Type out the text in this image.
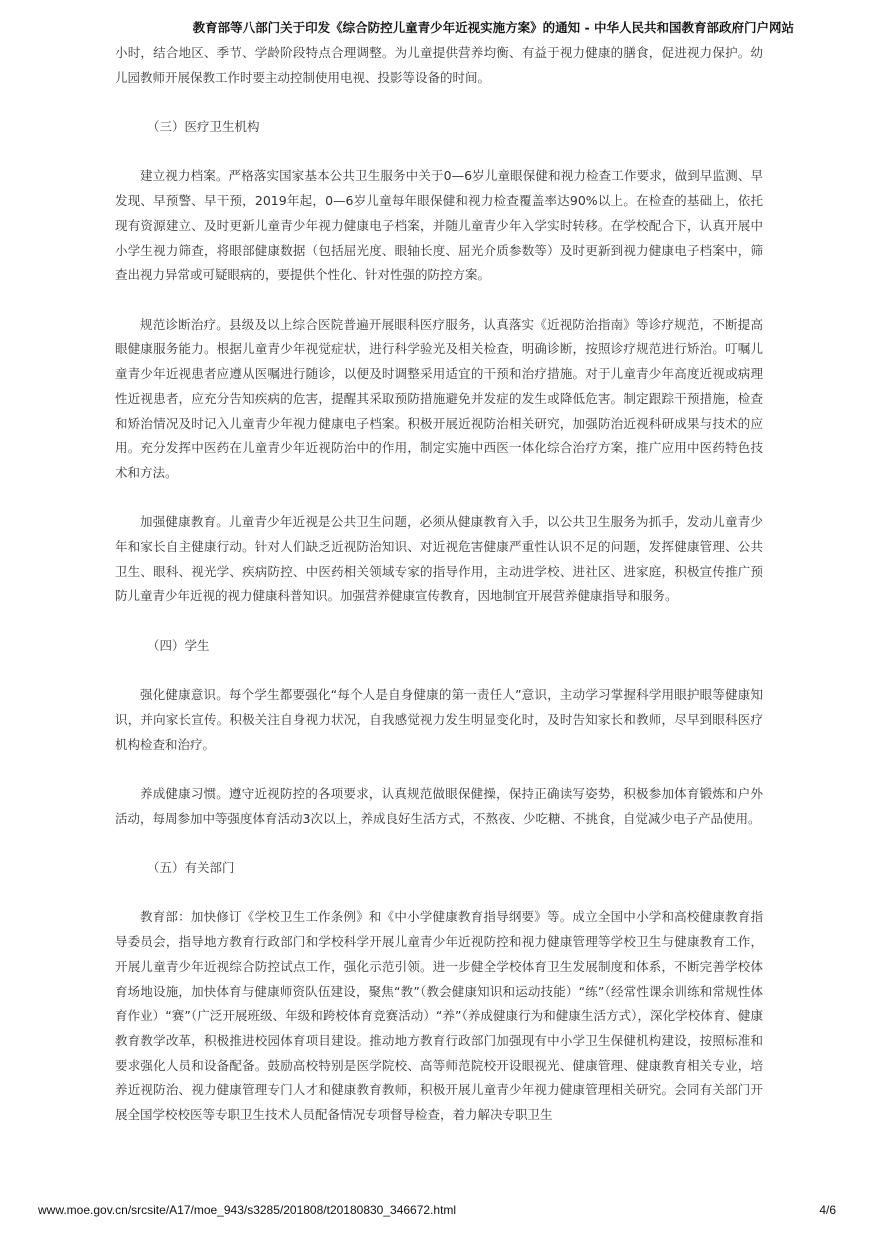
教育部等八部门关于印发《综合防控儿童青少年近视实施方案》的通知 - 中华人民共和国教育部政府门户网站

小时，结合地区、季节、学龄阶段特点合理调整。为儿童提供营养均衡、有益于视力健康的膳食，促进视力保护。幼儿园教师开展保教工作时要主动控制使用电视、投影等设备的时间。

（三）医疗卫生机构

建立视力档案。严格落实国家基本公共卫生服务中关于0—6岁儿童眼保健和视力检查工作要求，做到早监测、早发现、早预警、早干预，2019年起，0—6岁儿童每年眼保健和视力检查覆盖率达90%以上。在检查的基础上，依托现有资源建立、及时更新儿童青少年视力健康电子档案，并随儿童青少年入学实时转移。在学校配合下，认真开展中小学生视力筛查，将眼部健康数据（包括屈光度、眼轴长度、屈光介质参数等）及时更新到视力健康电子档案中，筛查出视力异常或可疑眼病的，要提供个性化、针对性强的防控方案。

规范诊断治疗。县级及以上综合医院普遍开展眼科医疗服务，认真落实《近视防治指南》等诊疗规范，不断提高眼健康服务能力。根据儿童青少年视觉症状，进行科学验光及相关检查，明确诊断，按照诊疗规范进行矫治。叮嘱儿童青少年近视患者应遵从医嘱进行随诊，以便及时调整采用适宜的干预和治疗措施。对于儿童青少年高度近视或病理性近视患者，应充分告知疾病的危害，提醒其采取预防措施避免并发症的发生或降低危害。制定跟踪干预措施，检查和矫治情况及时记入儿童青少年视力健康电子档案。积极开展近视防治相关研究，加强防治近视科研成果与技术的应用。充分发挥中医药在儿童青少年近视防治中的作用，制定实施中西医一体化综合治疗方案，推广应用中医药特色技术和方法。

加强健康教育。儿童青少年近视是公共卫生问题，必须从健康教育入手，以公共卫生服务为抓手，发动儿童青少年和家长自主健康行动。针对人们缺乏近视防治知识、对近视危害健康严重性认识不足的问题，发挥健康管理、公共卫生、眼科、视光学、疾病防控、中医药相关领域专家的指导作用，主动进学校、进社区、进家庭，积极宣传推广预防儿童青少年近视的视力健康科普知识。加强营养健康宣传教育，因地制宜开展营养健康指导和服务。

（四）学生

强化健康意识。每个学生都要强化“每个人是自身健康的第一责任人”意识，主动学习掌握科学用眼护眼等健康知识，并向家长宣传。积极关注自身视力状况，自我感觉视力发生明显变化时，及时告知家长和教师，尽早到眼科医疗机构检查和治疗。

养成健康习惯。遵守近视防控的各项要求，认真规范做眼保健操，保持正确读写姿势，积极参加体育锻炼和户外活动，每周参加中等强度体育活动3次以上，养成良好生活方式，不熬夜、少吃糖、不挑食，自觉减少电子产品使用。

（五）有关部门

教育部：加快修订《学校卫生工作条例》和《中小学健康教育指导纲要》等。成立全国中小学和高校健康教育指导委员会，指导地方教育行政部门和学校科学开展儿童青少年近视防控和视力健康管理等学校卫生与健康教育工作，开展儿童青少年近视综合防控试点工作，强化示范引领。进一步健全学校体育卫生发展制度和体系，不断完善学校体育场地设施，加快体育与健康师资队伍建设，聚焦“教”（教会健康知识和运动技能）“练”（经常性课余训练和常规性体育作业）“赛”（广泛开展班级、年级和跨校体育竞赛活动）“养”（养成健康行为和健康生活方式），深化学校体育、健康教育教学改革，积极推进校园体育项目建设。推动地方教育行政部门加强现有中小学卫生保健机构建设，按照标准和要求强化人员和设备配备。鼓励高校特别是医学院校、高等师范院校开设眼视光、健康管理、健康教育相关专业，培养近视防治、视力健康管理专门人才和健康教育教师，积极开展儿童青少年视力健康管理相关研究。会同有关部门开展全国学校校医等专职卫生技术人员配备情况专项督导检查，着力解决专职卫生

www.moe.gov.cn/srcsite/A17/moe_943/s3285/201808/t20180830_346672.html	4/6
